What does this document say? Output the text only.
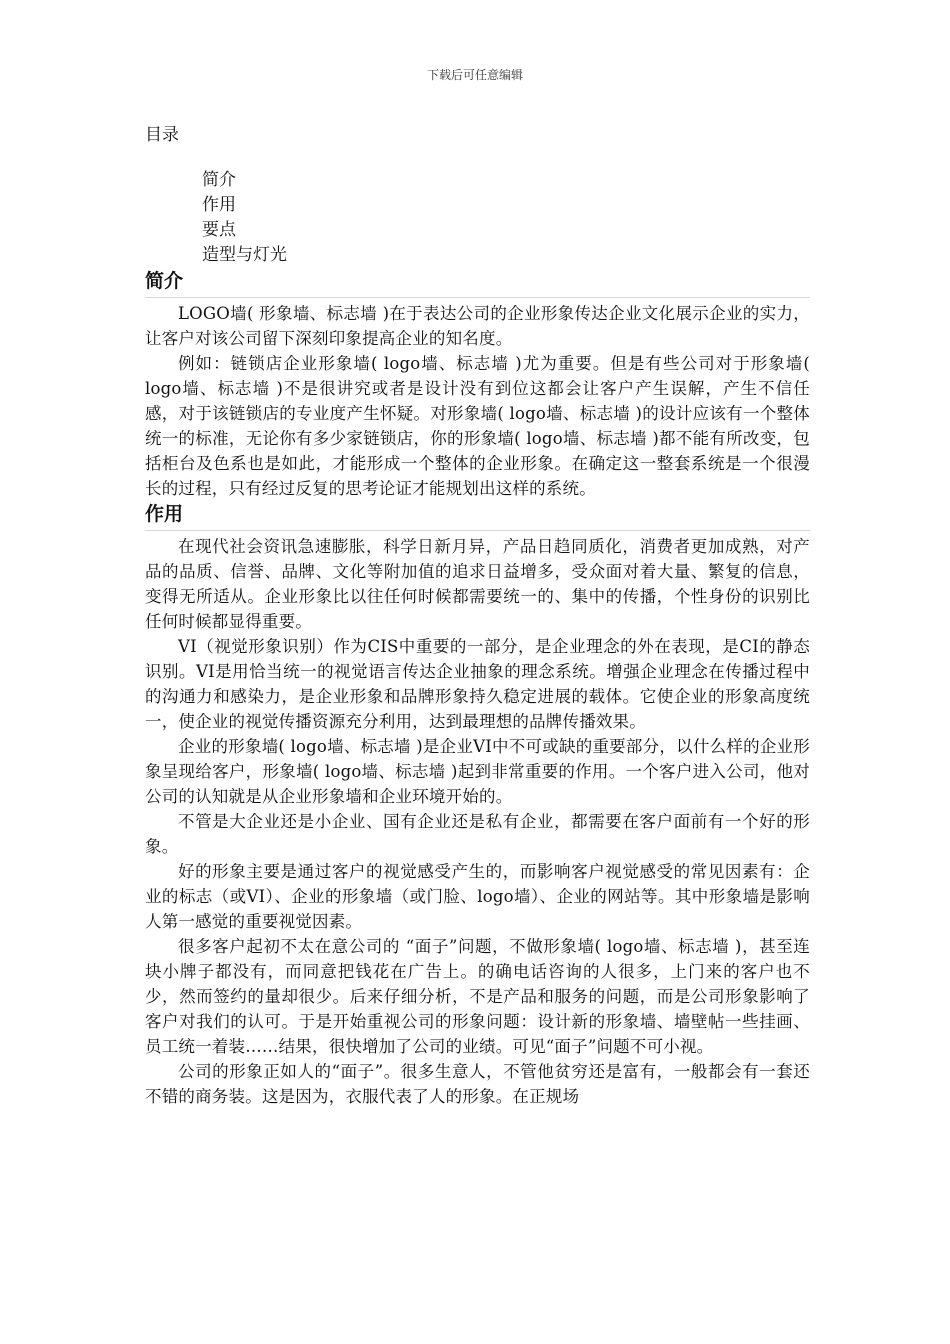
下载后可任意编辑
目录
简介
作用
要点
造型与灯光
简介

LOGO墙( 形象墙、标志墙 )在于表达公司的企业形象传达企业文化展示企业的实力，让客户对该公司留下深刻印象提高企业的知名度。

例如：链锁店企业形象墙( logo墙、标志墙 )尤为重要。但是有些公司对于形象墙( logo墙、标志墙 )不是很讲究或者是设计没有到位这都会让客户产生误解，产生不信任感，对于该链锁店的专业度产生怀疑。对形象墙( logo墙、标志墙 )的设计应该有一个整体统一的标准，无论你有多少家链锁店，你的形象墙( logo墙、标志墙 )都不能有所改变，包括柜台及色系也是如此，才能形成一个整体的企业形象。在确定这一整套系统是一个很漫长的过程，只有经过反复的思考论证才能规划出这样的系统。

作用

在现代社会资讯急速膨胀，科学日新月异，产品日趋同质化，消费者更加成熟，对产品的品质、信誉、品牌、文化等附加值的追求日益增多，受众面对着大量、繁复的信息，变得无所适从。企业形象比以往任何时候都需要统一的、集中的传播，个性身份的识别比任何时候都显得重要。

VI（视觉形象识别）作为CIS中重要的一部分，是企业理念的外在表现，是CI的静态识别。VI是用恰当统一的视觉语言传达企业抽象的理念系统。增强企业理念在传播过程中的沟通力和感染力，是企业形象和品牌形象持久稳定进展的载体。它使企业的形象高度统一，使企业的视觉传播资源充分利用，达到最理想的品牌传播效果。

企业的形象墙( logo墙、标志墙 )是企业VI中不可或缺的重要部分，以什么样的企业形象呈现给客户，形象墙( logo墙、标志墙 )起到非常重要的作用。一个客户进入公司，他对公司的认知就是从企业形象墙和企业环境开始的。

不管是大企业还是小企业、国有企业还是私有企业，都需要在客户面前有一个好的形象。

好的形象主要是通过客户的视觉感受产生的，而影响客户视觉感受的常见因素有：企业的标志（或VI）、企业的形象墙（或门脸、logo墙）、企业的网站等。其中形象墙是影响人第一感觉的重要视觉因素。

很多客户起初不太在意公司的 “面子”问题，不做形象墙( logo墙、标志墙 )，甚至连块小牌子都没有，而同意把钱花在广告上。的确电话咨询的人很多，上门来的客户也不少，然而签约的量却很少。后来仔细分析，不是产品和服务的问题，而是公司形象影响了客户对我们的认可。于是开始重视公司的形象问题：设计新的形象墙、墙壁帖一些挂画、员工统一着装……结果，很快增加了公司的业绩。可见“面子”问题不可小视。

公司的形象正如人的“面子”。很多生意人，不管他贫穷还是富有，一般都会有一套还不错的商务装。这是因为，衣服代表了人的形象。在正规场
